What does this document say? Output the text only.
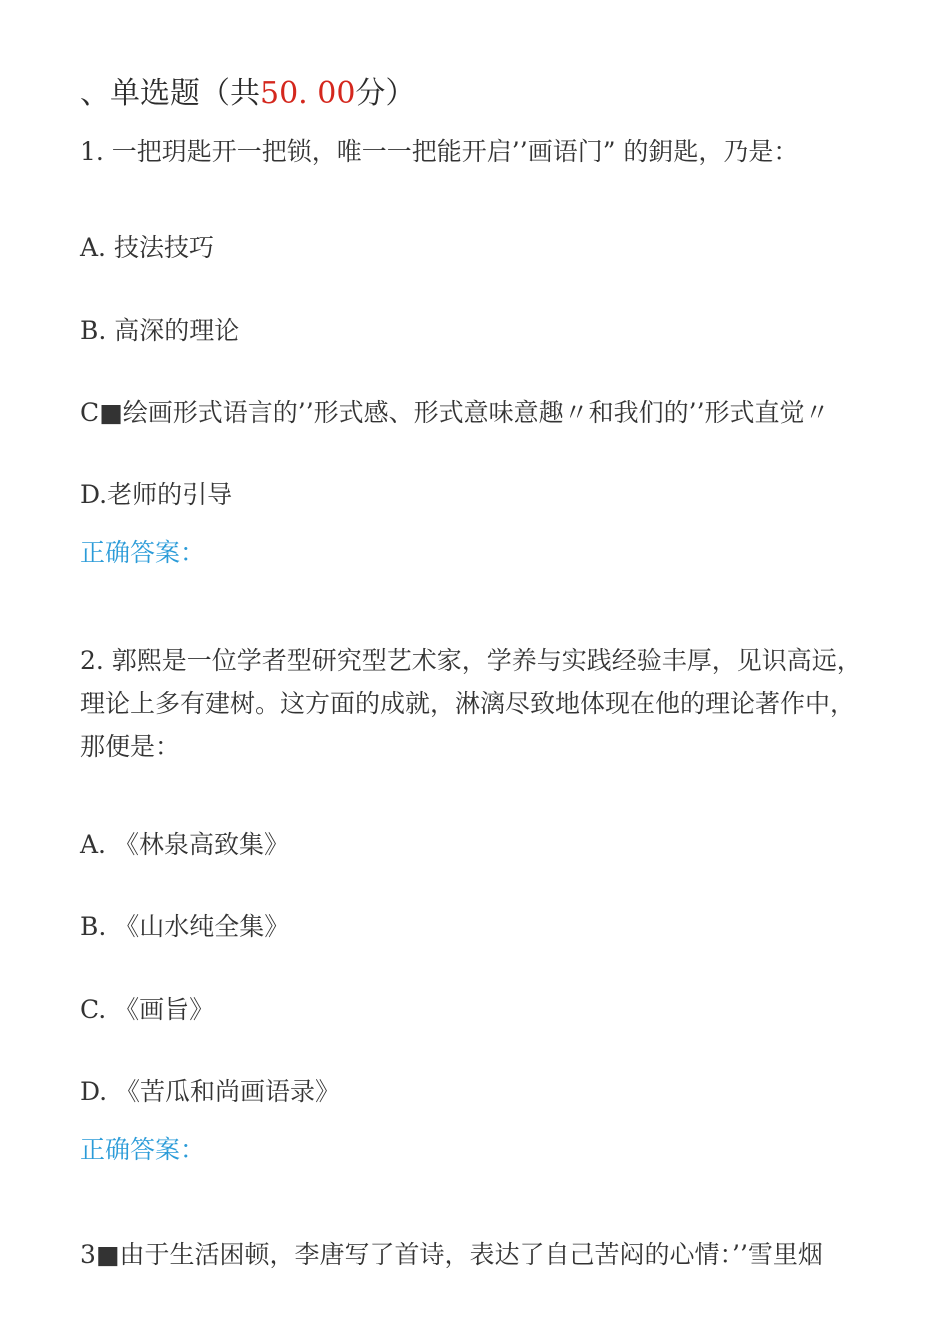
、单选题（共50. 00分）
1. 一把玥匙开一把锁，唯一一把能开启’’画语门” 的鈅匙，乃是：
A. 技法技巧
B. 高深的理论
C■绘画形式语言的’’形式感、形式意味意趣〃和我们的’’形式直觉〃
D.老师的引导
正确答案：
2. 郭熙是一位学者型研究型艺术家，学养与实践经验丰厚，见识高远，
理论上多有建树。这方面的成就，淋漓尽致地体现在他的理论著作中，
那便是：
A. 《林泉高致集》
B. 《山水纯全集》
C. 《画旨》
D. 《苦瓜和尚画语录》
正确答案：
3■由于生活困顿，李唐写了首诗，表达了自己苦闷的心情：’’雪里烟
